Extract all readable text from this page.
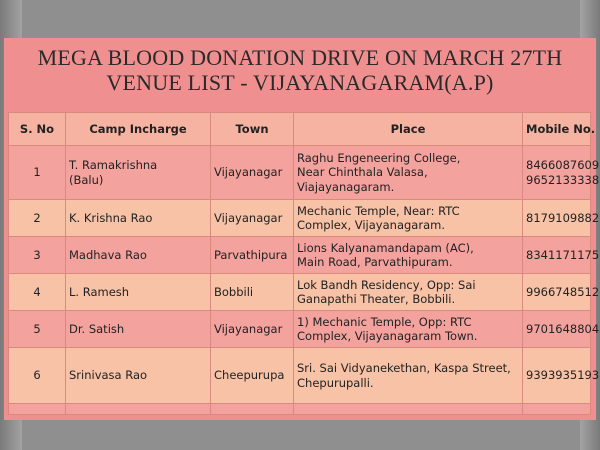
MEGA BLOOD DONATION DRIVE ON MARCH 27TH
VENUE LIST - VIJAYANAGARAM(A.P)
S. No	Camp Incharge	Town	Place	Mobile No.
1	T. Ramakrishna
(Balu)	Vijayanagar	Raghu Engeneering College,
Near Chinthala Valasa,
Viajayanagaram.	8466087609
9652133338

2	K. Krishna Rao	Vijayanagar	Mechanic Temple, Near: RTC
Complex, Vijayanagaram.	8179109882

3	Madhava Rao	Parvathipura	Lions Kalyanamandapam (AC),
Main Road, Parvathipuram.	8341171175

4	L. Ramesh	Bobbili	Lok Bandh Residency, Opp: Sai
Ganapathi Theater, Bobbili.	9966748512

5	Dr. Satish	Vijayanagar	1) Mechanic Temple, Opp: RTC
Complex, Vijayanagaram Town.	9701648804

6	Srinivasa Rao	Cheepurupa	Sri. Sai Vidyanekethan, Kaspa Street,
Chepurupalli.	9393935193
